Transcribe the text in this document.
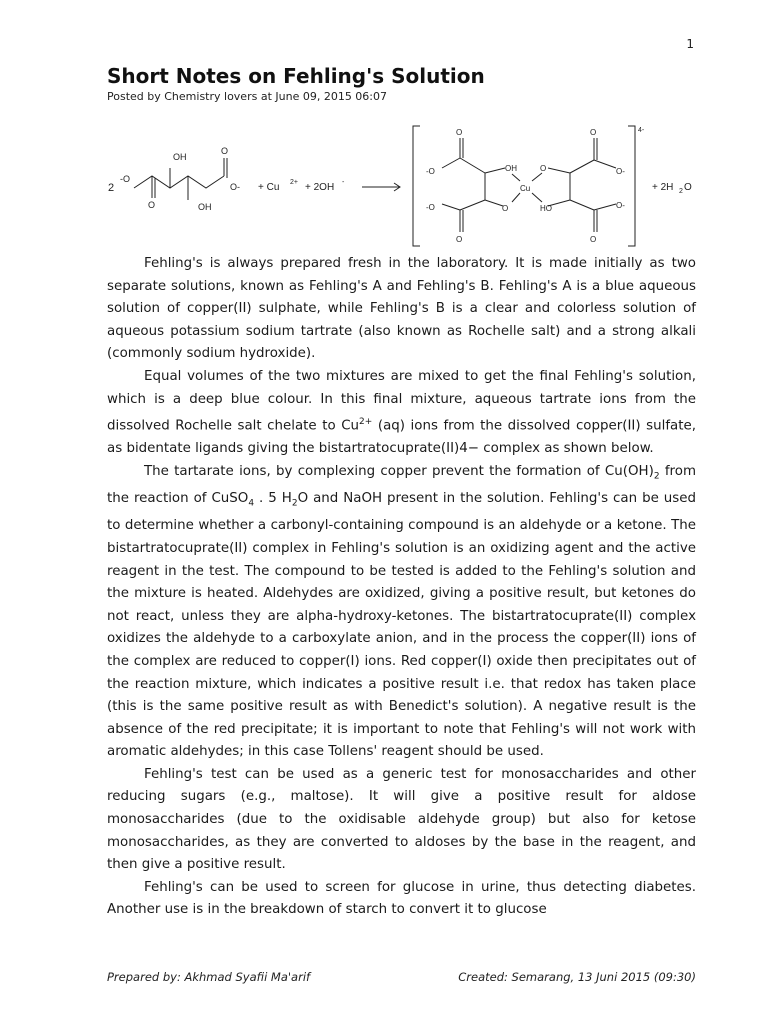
1
Short Notes on Fehling's Solution
Posted by Chemistry lovers at June 09, 2015 06:07
2
-O
OH
OH
O
O
O- + Cu 2+ + 2OH -
O
-O	OH
O
-O
O
Cu
O
HO
O
O-
O-
O
4-
+ 2H 2 O

Fehling's is always prepared fresh in the laboratory. It is made initially as two separate solutions, known as Fehling's A and Fehling's B. Fehling's A is a blue aqueous solution of copper(II) sulphate, while Fehling's B is a clear and colorless solution of aqueous potassium sodium tartrate (also known as Rochelle salt) and a strong alkali (commonly sodium hydroxide).

Equal volumes of the two mixtures are mixed to get the final Fehling's solution, which is a deep blue colour. In this final mixture, aqueous tartrate ions from the dissolved Rochelle salt chelate to $Cu^{2+}$ (aq) ions from the dissolved copper(II) sulfate, as bidentate ligands giving the bistartratocuprate(II)4− complex as shown below.

The tartarate ions, by complexing copper prevent the formation of $Cu(OH)_2$ from the reaction of CuSO$_4$ . 5 $H_2O$ and NaOH present in the solution. Fehling's can be used to determine whether a carbonyl-containing compound is an aldehyde or a ketone. The bistartratocuprate(II) complex in Fehling's solution is an oxidizing agent and the active reagent in the test. The compound to be tested is added to the Fehling's solution and the mixture is heated. Aldehydes are oxidized, giving a positive result, but ketones do not react, unless they are alpha-hydroxy-ketones. The bistartratocuprate(II) complex oxidizes the aldehyde to a carboxylate anion, and in the process the copper(II) ions of the complex are reduced to copper(I) ions. Red copper(I) oxide then precipitates out of the reaction mixture, which indicates a positive result i.e. that redox has taken place (this is the same positive result as with Benedict's solution). A negative result is the absence of the red precipitate; it is important to note that Fehling's will not work with aromatic aldehydes; in this case Tollens' reagent should be used.

Fehling's test can be used as a generic test for monosaccharides and other reducing sugars (e.g., maltose). It will give a positive result for aldose monosaccharides (due to the oxidisable aldehyde group) but also for ketose monosaccharides, as they are converted to aldoses by the base in the reagent, and then give a positive result.

Fehling's can be used to screen for glucose in urine, thus detecting diabetes. Another use is in the breakdown of starch to convert it to glucose

Prepared by: Akhmad Syafii Ma'arif	Created: Semarang, 13 Juni 2015 (09:30)
